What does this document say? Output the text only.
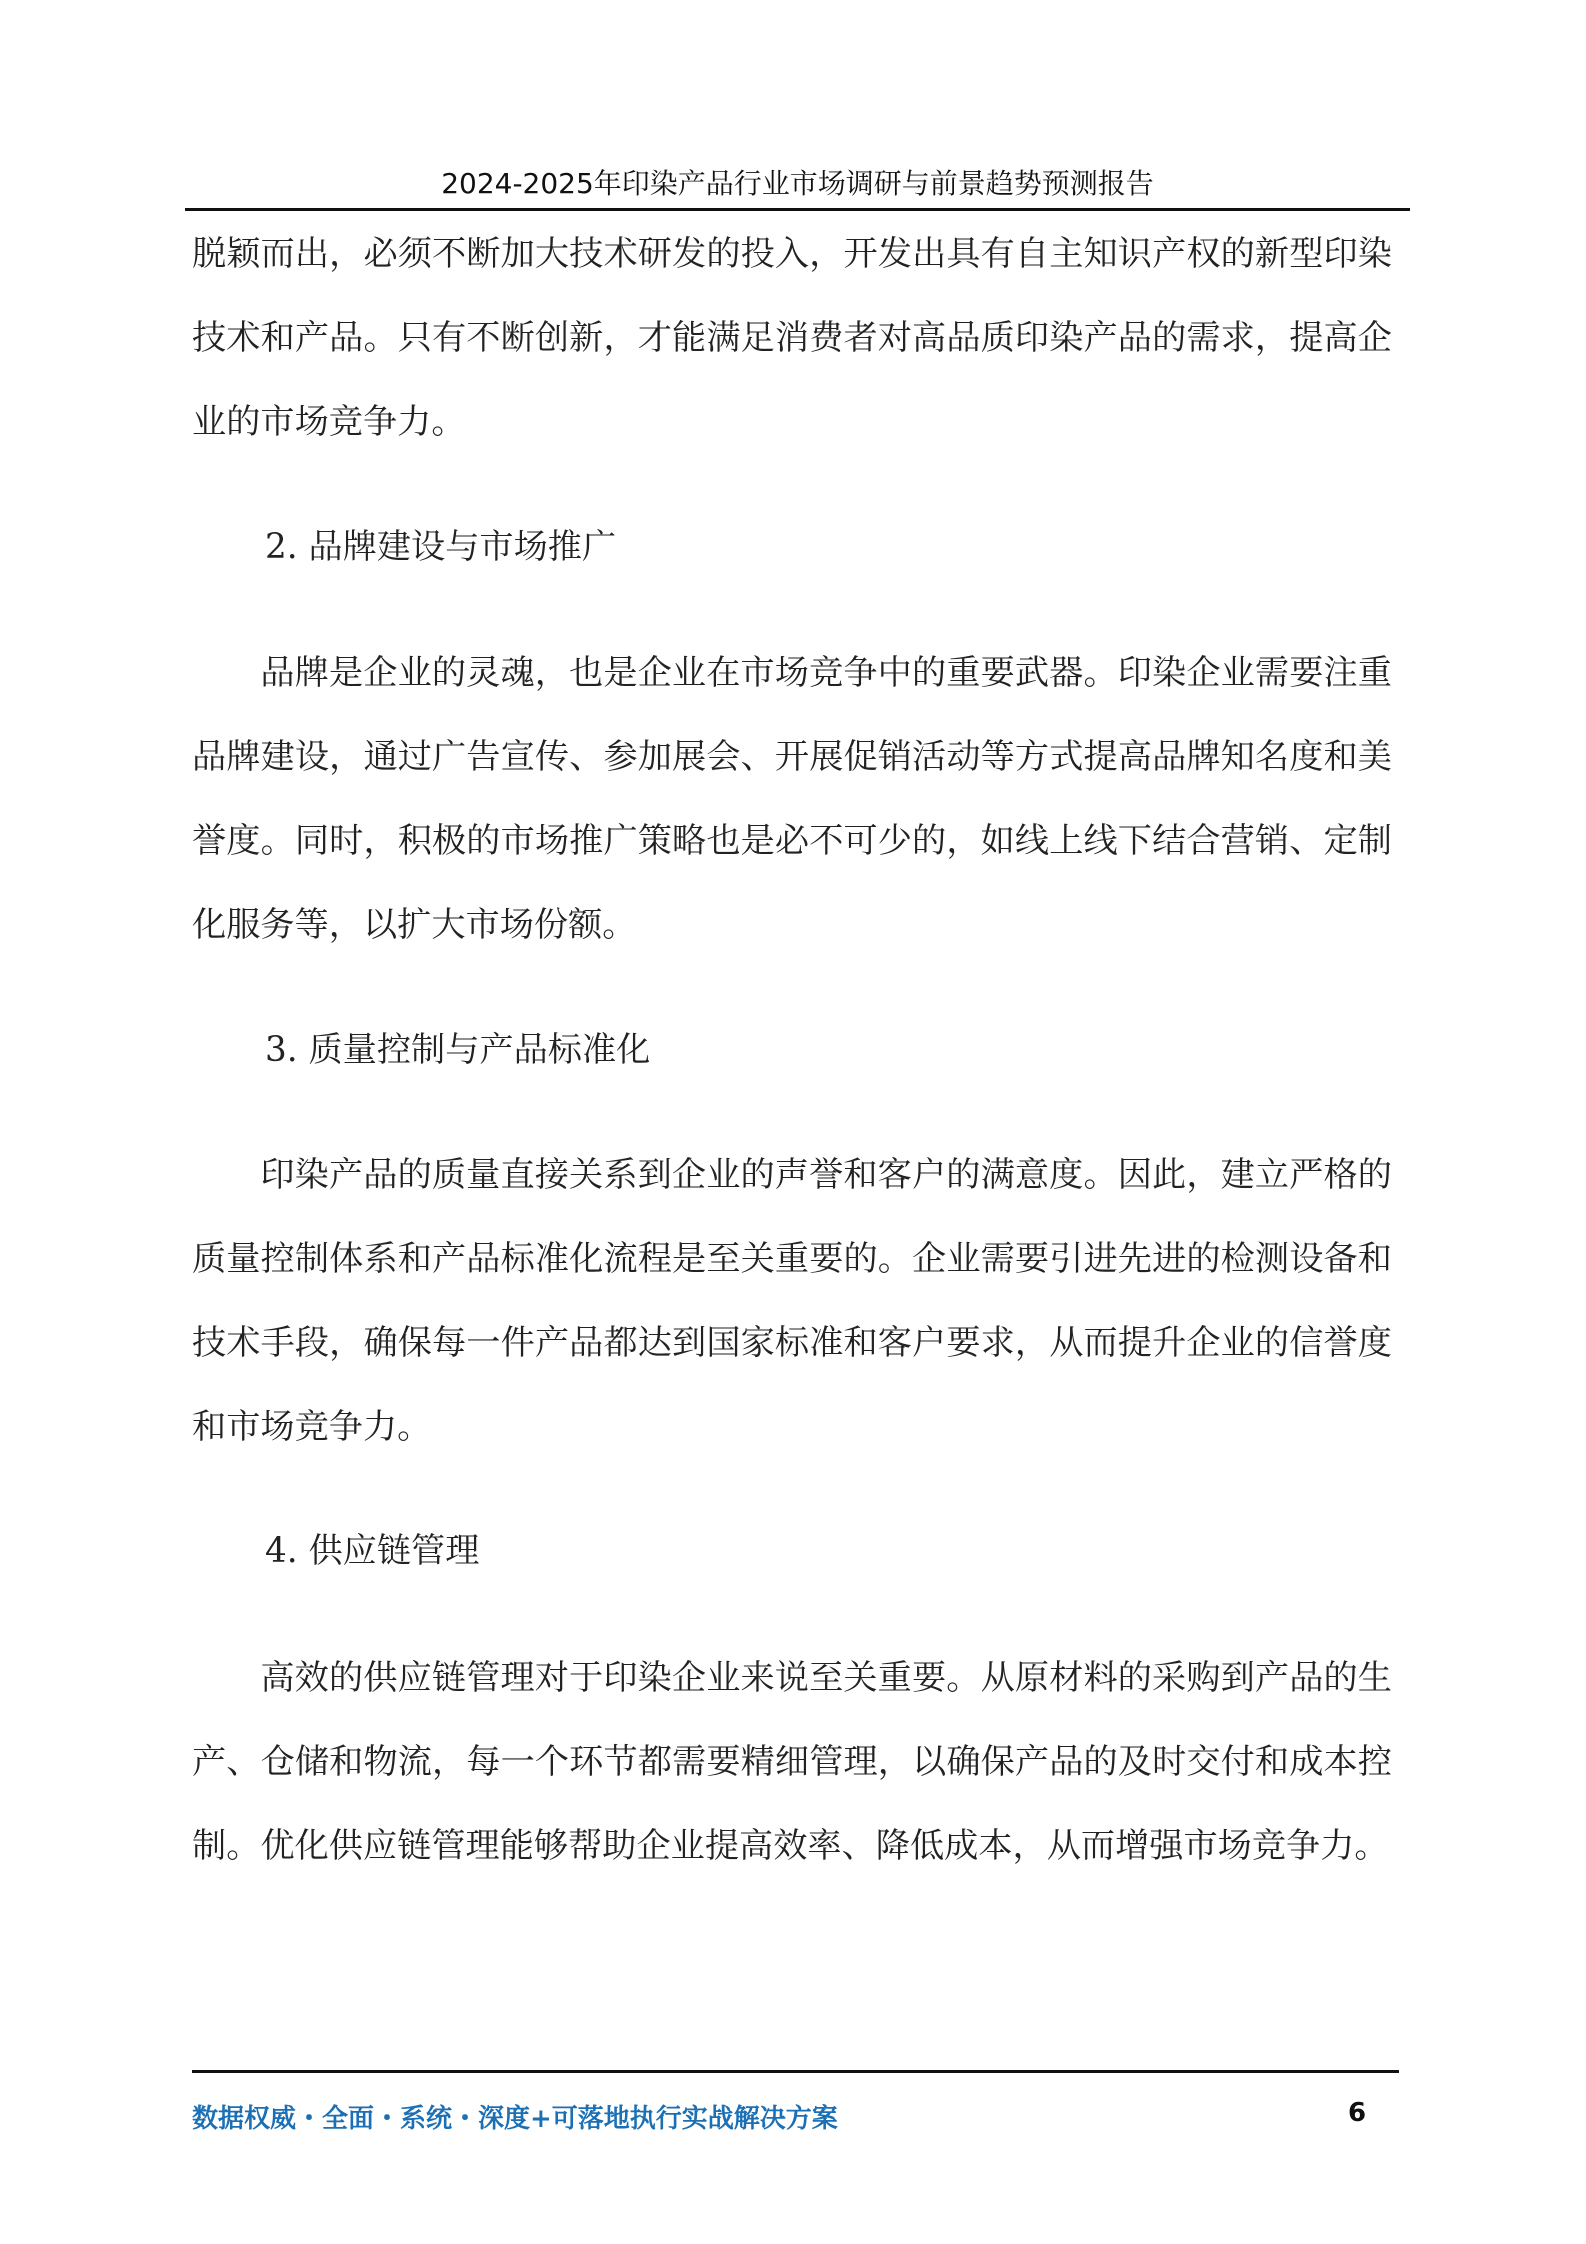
2024-2025年印染产品行业市场调研与前景趋势预测报告

脱颖而出，必须不断加大技术研发的投入，开发出具有自主知识产权的新型印染技术和产品。只有不断创新，才能满足消费者对高品质印染产品的需求，提高企业的市场竞争力。

2. 品牌建设与市场推广

品牌是企业的灵魂，也是企业在市场竞争中的重要武器。印染企业需要注重品牌建设，通过广告宣传、参加展会、开展促销活动等方式提高品牌知名度和美誉度。同时，积极的市场推广策略也是必不可少的，如线上线下结合营销、定制化服务等，以扩大市场份额。

3. 质量控制与产品标准化

印染产品的质量直接关系到企业的声誉和客户的满意度。因此，建立严格的质量控制体系和产品标准化流程是至关重要的。企业需要引进先进的检测设备和技术手段，确保每一件产品都达到国家标准和客户要求，从而提升企业的信誉度和市场竞争力。

4. 供应链管理

高效的供应链管理对于印染企业来说至关重要。从原材料的采购到产品的生产、仓储和物流，每一个环节都需要精细管理，以确保产品的及时交付和成本控制。优化供应链管理能够帮助企业提高效率、降低成本，从而增强市场竞争力。

数据权威・全面・系统・深度+可落地执行实战解决方案	6
